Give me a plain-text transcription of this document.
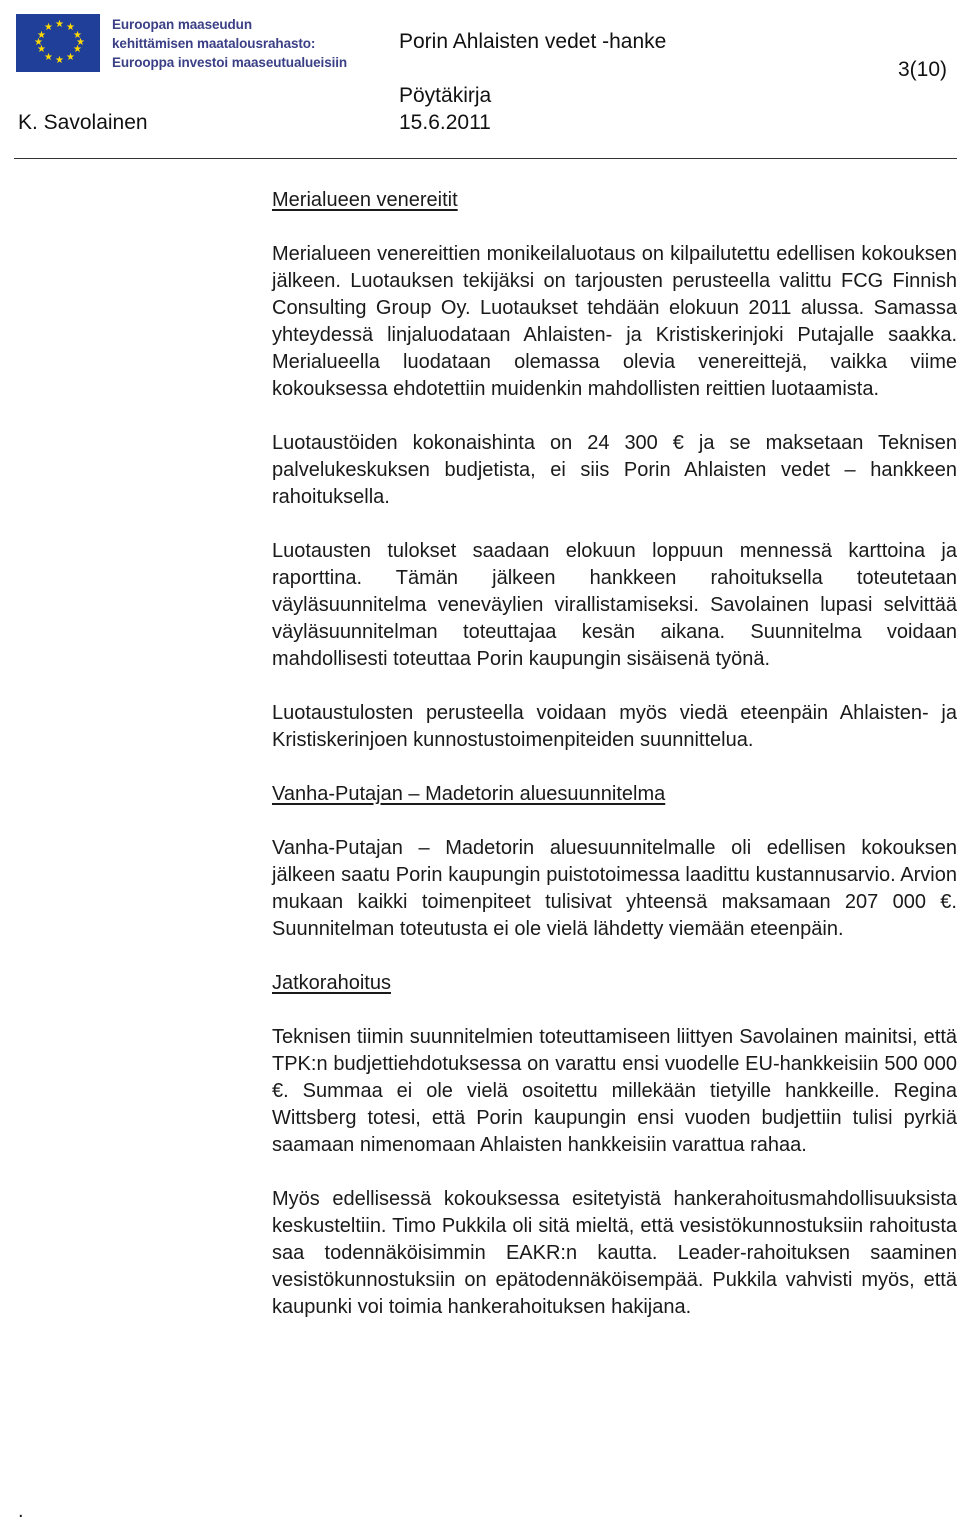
★ ★
★
★
★
★
★
★
★
★
★
★	Euroopan maaseudun
kehittämisen maatalousrahasto:
Eurooppa investoi maaseutualueisiin
Porin Ahlaisten vedet -hanke
3(10)
Pöytäkirja
K. Savolainen	15.6.2011

Merialueen venereitit

Merialueen venereittien monikeilaluotaus on kilpailutettu edellisen kokouksen jälkeen. Luotauksen tekijäksi on tarjousten perusteella valittu FCG Finnish Consulting Group Oy. Luotaukset tehdään elokuun 2011 alussa. Samassa yhteydessä linjaluodataan Ahlaisten- ja Kristiskerinjoki Putajalle saakka. Merialueella luodataan olemassa olevia venereittejä, vaikka viime kokouksessa ehdotettiin muidenkin mahdollisten reittien luotaamista.

Luotaustöiden kokonaishinta on 24 300 € ja se maksetaan Teknisen palvelukeskuksen budjetista, ei siis Porin Ahlaisten vedet – hankkeen rahoituksella.

Luotausten tulokset saadaan elokuun loppuun mennessä karttoina ja raporttina. Tämän jälkeen hankkeen rahoituksella toteutetaan väyläsuunnitelma veneväylien virallistamiseksi. Savolainen lupasi selvittää väyläsuunnitelman toteuttajaa kesän aikana. Suunnitelma voidaan mahdollisesti toteuttaa Porin kaupungin sisäisenä työnä.

Luotaustulosten perusteella voidaan myös viedä eteenpäin Ahlaisten- ja Kristiskerinjoen kunnostustoimenpiteiden suunnittelua.

Vanha-Putajan – Madetorin aluesuunnitelma

Vanha-Putajan – Madetorin aluesuunnitelmalle oli edellisen kokouksen jälkeen saatu Porin kaupungin puistotoimessa laadittu kustannusarvio. Arvion mukaan kaikki toimenpiteet tulisivat yhteensä maksamaan 207 000 €. Suunnitelman toteutusta ei ole vielä lähdetty viemään eteenpäin.

Jatkorahoitus

Teknisen tiimin suunnitelmien toteuttamiseen liittyen Savolainen mainitsi, että TPK:n budjettiehdotuksessa on varattu ensi vuodelle EU-hankkeisiin 500 000 €. Summaa ei ole vielä osoitettu millekään tietyille hankkeille. Regina Wittsberg totesi, että Porin kaupungin ensi vuoden budjettiin tulisi pyrkiä saamaan nimenomaan Ahlaisten hankkeisiin varattua rahaa.

Myös edellisessä kokouksessa esitetyistä hankerahoitusmahdollisuuksista keskusteltiin. Timo Pukkila oli sitä mieltä, että vesistökunnostuksiin rahoitusta saa todennäköisimmin EAKR:n kautta. Leader-rahoituksen saaminen vesistökunnostuksiin on epätodennäköisempää. Pukkila vahvisti myös, että kaupunki voi toimia hankerahoituksen hakijana.

.
